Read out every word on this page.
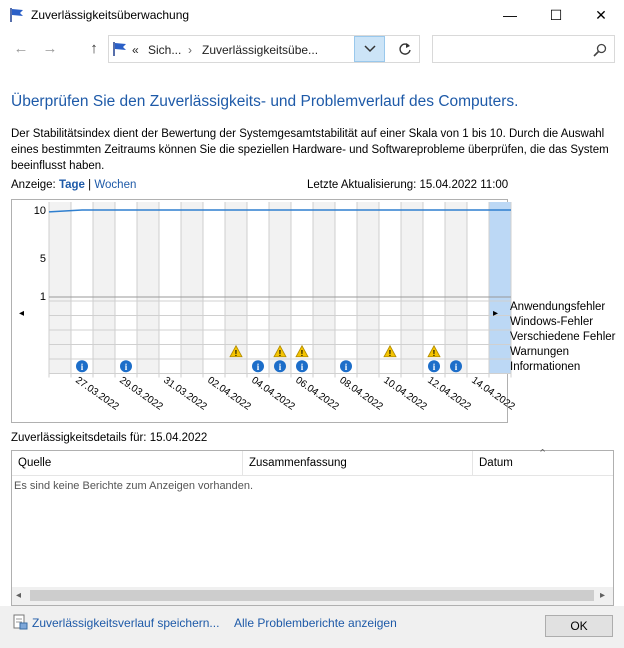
Zuverlässigkeitsüberwachung	—	☐	✕
← →	↑	« Sich... › Zuverlässigkeitsübe...
Überprüfen Sie den Zuverlässigkeits- und Problemverlauf des Computers.
Der Stabilitätsindex dient der Bewertung der Systemgesamtstabilität auf einer Skala von 1 bis 10. Durch die Auswahl eines bestimmten Zeitraums können Sie die speziellen Hardware- und Softwareprobleme überprüfen, die das System beeinflusst haben.
Anzeige: Tage | Wochen	Letzte Aktualisierung: 15.04.2022 11:00
10
5
1
!	! !	!	!
i	i	i i i	i	i i
27.03.2022
29.03.2022
31.03.2022
02.04.2022
04.04.2022
06.04.2022
08.04.2022
10.04.2022
12.04.2022
14.04.2022
◂	▸
Anwendungsfehler
Windows-Fehler
Verschiedene Fehler
Warnungen
Informationen
Zuverlässigkeitsdetails für: 15.04.2022
Quelle	Zusammenfassung	Datum
⌃
Es sind keine Berichte zum Anzeigen vorhanden.
◂	▸
Zuverlässigkeitsverlauf speichern... Alle Problemberichte anzeigen	OK
